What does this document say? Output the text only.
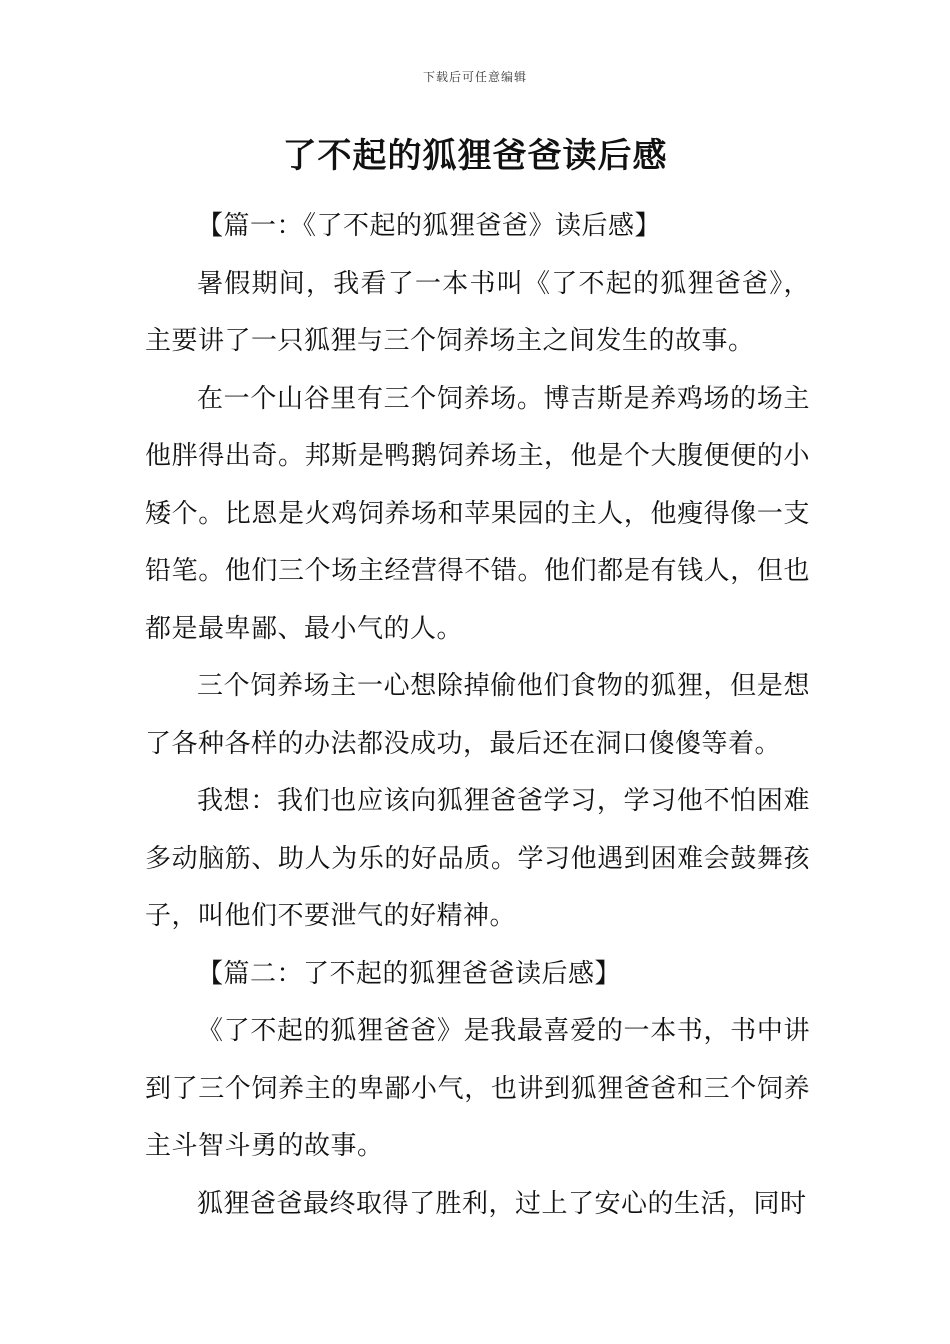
下载后可任意编辑
了不起的狐狸爸爸读后感

【篇一：《了不起的狐狸爸爸》读后感】

暑假期间，我看了一本书叫《了不起的狐狸爸爸》，主要讲了一只狐狸与三个饲养场主之间发生的故事。

在一个山谷里有三个饲养场。博吉斯是养鸡场的场主他胖得出奇。邦斯是鸭鹅饲养场主，他是个大腹便便的小矮个。比恩是火鸡饲养场和苹果园的主人，他瘦得像一支铅笔。他们三个场主经营得不错。他们都是有钱人，但也都是最卑鄙、最小气的人。

三个饲养场主一心想除掉偷他们食物的狐狸，但是想了各种各样的办法都没成功，最后还在洞口傻傻等着。

我想：我们也应该向狐狸爸爸学习，学习他不怕困难多动脑筋、助人为乐的好品质。学习他遇到困难会鼓舞孩子，叫他们不要泄气的好精神。

【篇二：了不起的狐狸爸爸读后感】

《了不起的狐狸爸爸》是我最喜爱的一本书，书中讲到了三个饲养主的卑鄙小气，也讲到狐狸爸爸和三个饲养主斗智斗勇的故事。

狐狸爸爸最终取得了胜利，过上了安心的生活，同时
